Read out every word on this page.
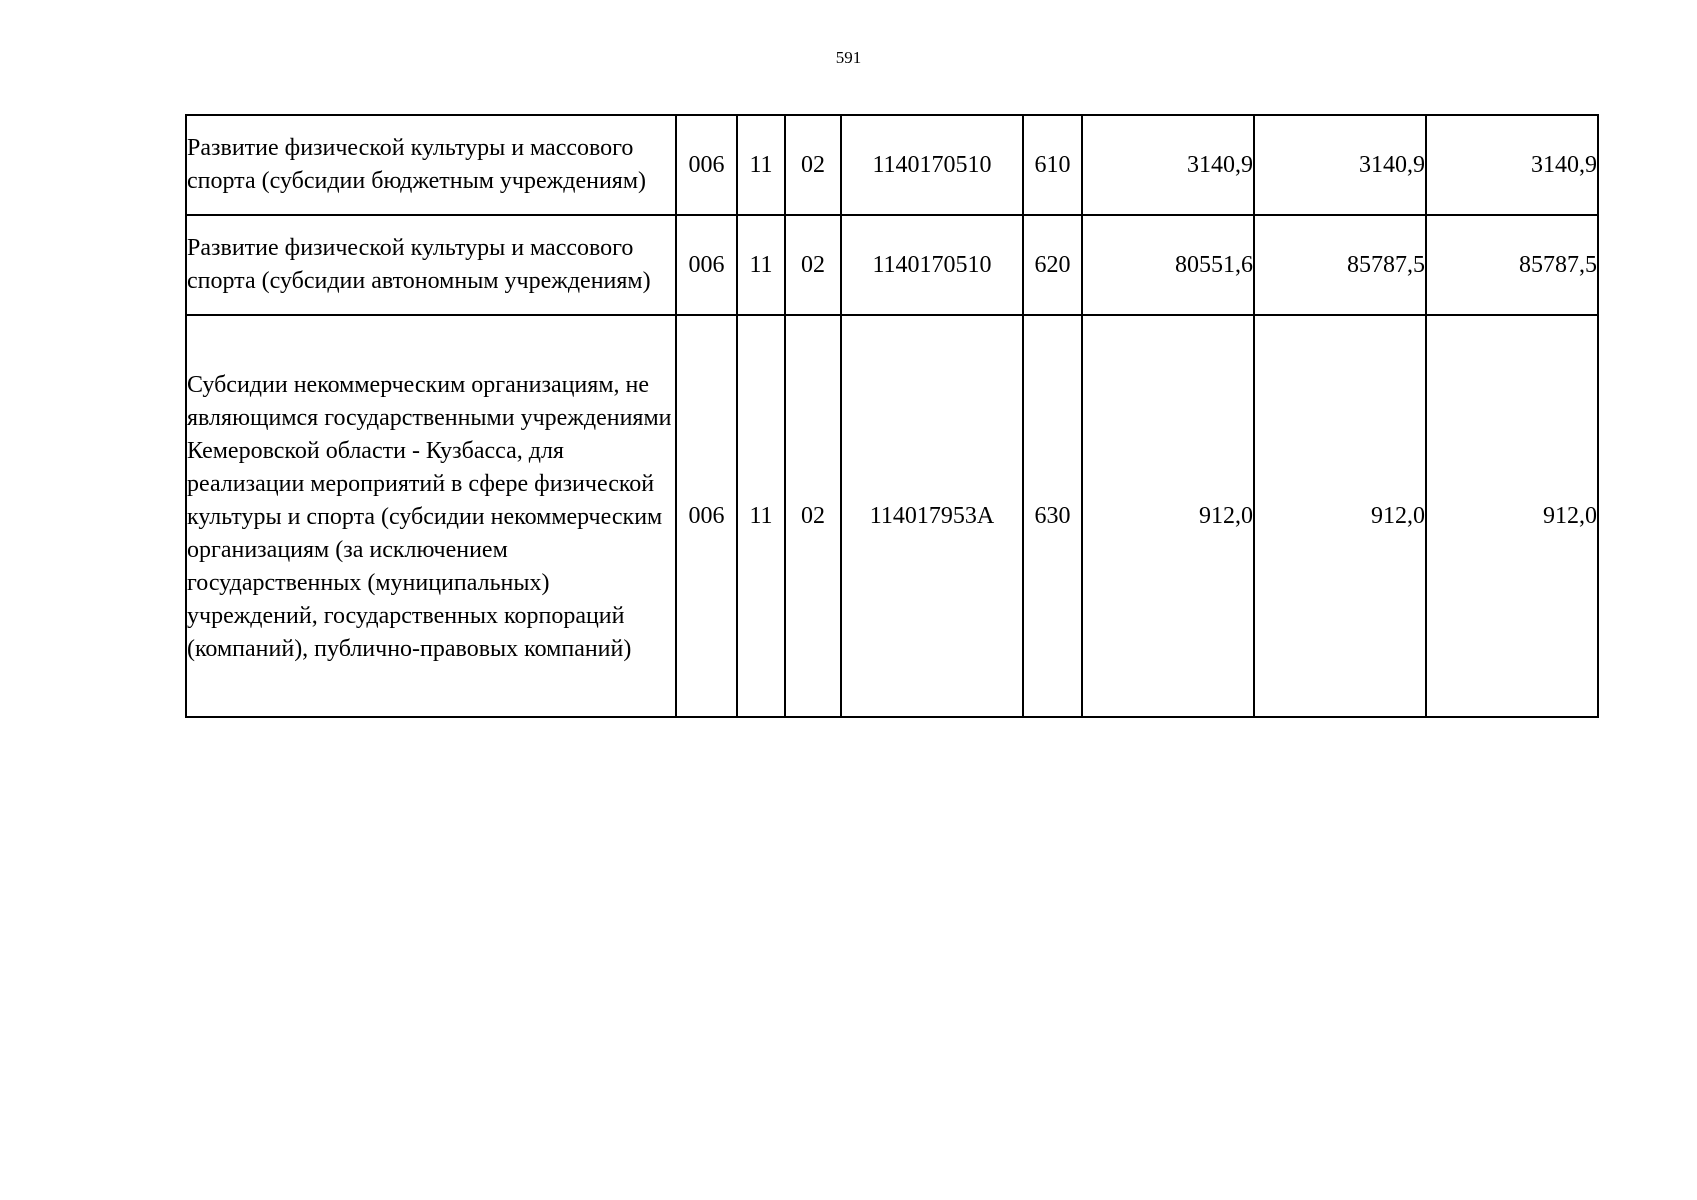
591
Развитие физической культуры и массового спорта (субсидии бюджетным учреждениям)	006	11	02	1140170510	610	3140,9	3140,9	3140,9
Развитие физической культуры и массового спорта (субсидии автономным учреждениям)	006	11	02	1140170510	620	80551,6	85787,5	85787,5
Субсидии некоммерческим организациям, не являющимся государственными учреждениями Кемеровской области - Кузбасса, для реализации мероприятий в сфере физической культуры и спорта (субсидии некоммерческим организациям (за исключением государственных (муниципальных) учреждений, государственных корпораций (компаний), публично-правовых компаний)	006	11	02	114017953А	630	912,0	912,0	912,0
